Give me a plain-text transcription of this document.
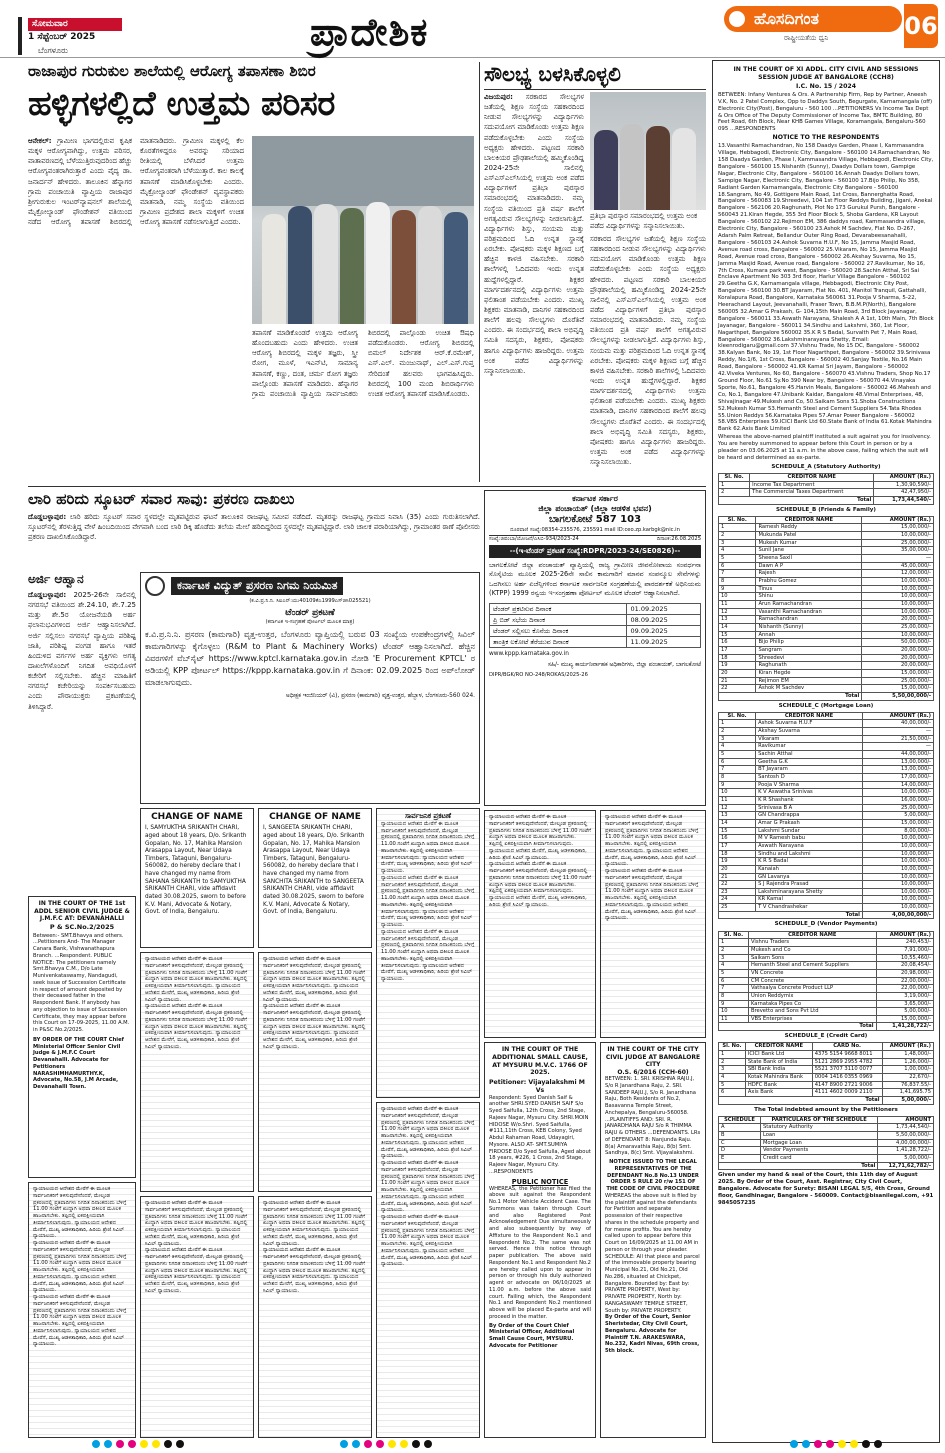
ಸೋಮವಾರ
1 ಸೆಪ್ಟೆಂಬರ್ 2025
ಬೆಂಗಳೂರು	ಪ್ರಾದೇಶಿಕ	ಹೊಸದಿಗಂತ
ರಾಷ್ಟ್ರೀಯತೆಯ ಧ್ವನಿ	06
ರಾಜಾಪುರ ಗುರುಕುಲ ಶಾಲೆಯಲ್ಲಿ ಆರೋಗ್ಯ ತಪಾಸಣಾ ಶಿಬಿರ
ಹಳ್ಳಿಗಳಲ್ಲಿದೆ ಉತ್ತಮ ಪರಿಸರ
ಆನೇಕಲ್: ಗ್ರಾಮೀಣ ಭಾಗದಲ್ಲಿರುವ ಕೃಷಿಕ ಮಕ್ಕಳ ಆರೋಗ್ಯವಾಗಿದ್ದು, ಉತ್ತಮ ಪರಿಸರ, ವಾತಾವರಣದಲ್ಲಿ ಬೆಳೆಯುತ್ತಿರುವುದರಿಂದ ಹೆಚ್ಚು ಆರೋಗ್ಯವಂತರಾಗಿರುತ್ತಾರೆ ಎಂದು ವೈದ್ಯ ಡಾ. ಜನಾರ್ದನ್ ಹೇಳಿದರು. ತಾಲೂಕಿನ ಹೆನ್ನಾಗರ ಗ್ರಾಮ ಪಂಚಾಯಿತಿ ವ್ಯಾಪ್ತಿಯ ರಾಜಾಪುರ ಶ್ರೀಗುರುಕುಲ ಇಂಟರ್‌ನ್ಯಾಷನಲ್ ಶಾಲೆಯಲ್ಲಿ ಮೈಕ್ರೋಲ್ಯಾಂಡ್ ಫೌಂಡೇಶನ್ ವತಿಯಿಂದ ನಡೆದ ಆರೋಗ್ಯ ತಪಾಸಣೆ ಶಿಬಿರದಲ್ಲಿ ಮಾತನಾಡಿದರು. ಗ್ರಾಮೀಣ ಮಕ್ಕಳಲ್ಲಿ ಕೆಲ ಕೊರತೆಗಳಿದ್ದರೂ ಅವರನ್ನು ಸರಿಯಾದ ರೀತಿಯಲ್ಲಿ ಬೆಳೆಸಿದರೆ ಉತ್ತಮ ಆರೋಗ್ಯವಂತರಾಗಿ ಬೆಳೆಯುತ್ತಾರೆ. ಕಾಲ ಕಾಲಕ್ಕೆ ತಪಾಸಣೆ ಮಾಡಿಸಿಕೊಳ್ಳಬೇಕು ಎಂದರು. ಮೈಕ್ರೋಲ್ಯಾಂಡ್ ಫೌಂಡೇಶನ್ ವ್ಯವಸ್ಥಾಪಕರು ಮಾತನಾಡಿ, ನಮ್ಮ ಸಂಸ್ಥೆಯ ವತಿಯಿಂದ ಗ್ರಾಮೀಣ ಪ್ರದೇಶದ ಶಾಲಾ ಮಕ್ಕಳಿಗೆ ಉಚಿತ ಆರೋಗ್ಯ ತಪಾಸಣೆ ನಡೆಸಲಾಗುತ್ತಿದೆ ಎಂದರು.
ತಪಾಸಣೆ ಮಾಡಿಕೊಂಡರೆ ಉತ್ತಮ ಆರೋಗ್ಯ ಹೊಂದಬಹುದು ಎಂದು ಹೇಳಿದರು. ಉಚಿತ ಆರೋಗ್ಯ ಶಿಬಿರದಲ್ಲಿ ಮಕ್ಕಳ ತಜ್ಞರು, ಸ್ತ್ರೀ ರೋಗ, ಮೂಳೆ, ಇಎನ್‌ಟಿ, ಸಾಮಾನ್ಯ ತಪಾಸಣೆ, ಕಣ್ಣು, ದಂತ, ಚರ್ಮ ರೋಗ ತಜ್ಞರು ಪಾಲ್ಗೊಂಡು ತಪಾಸಣೆ ಮಾಡಿದರು. ಹೆನ್ನಾಗರ ಗ್ರಾಮ ಪಂಚಾಯಿತಿ ವ್ಯಾಪ್ತಿಯ ಸಾರ್ವಜನಿಕರು ಶಿಬಿರದಲ್ಲಿ ಪಾಲ್ಗೊಂಡು ಉಚಿತ ಔಷಧಿ ಪಡೆದುಕೊಂಡರು. ಆರೋಗ್ಯ ಶಿಬಿರದಲ್ಲಿ ಬಿಮಲ್ ನಿರ್ದೇಶಕ ಆರ್.ಕೆ.ರಮೇಶ್, ಎಸ್.ಎಲ್. ಮಂಜುನಾಥ್, ಎಲ್.ಎಸ್.ಗುಪ್ತ ಸೇರಿದಂತೆ ಹಲವರು ಭಾಗವಹಿಸಿದ್ದರು. ಶಿಬಿರದಲ್ಲಿ 100 ಮಂದಿ ಶಿಬಿರಾರ್ಥಿಗಳು ಉಚಿತ ಆರೋಗ್ಯ ತಪಾಸಣೆ ಮಾಡಿಸಿಕೊಂಡರು.
ಸೌಲಭ್ಯ ಬಳಸಿಕೊಳ್ಳಲಿ
ವಿಜಯಪುರ: ಸರಕಾರದ ಸೌಲಭ್ಯಗಳ ಜತೆಯಲ್ಲಿ ಶಿಕ್ಷಣ ಸಂಸ್ಥೆಯ ಸಹಕಾರದಿಂದ ನೀಡುವ ಸೌಲಭ್ಯಗಳನ್ನು ವಿದ್ಯಾರ್ಥಿಗಳು ಸದುಪಯೋಗ ಮಾಡಿಕೊಂಡು ಉತ್ತಮ ಶಿಕ್ಷಣ ಪಡೆದುಕೊಳ್ಳಬೇಕು ಎಂದು ಸಂಸ್ಥೆಯ ಅಧ್ಯಕ್ಷರು ಹೇಳಿದರು. ಪಟ್ಟಣದ ಸರಕಾರಿ ಬಾಲಕಿಯರ ಪ್ರೌಢಶಾಲೆಯಲ್ಲಿ ಹಮ್ಮಿಕೊಂಡಿದ್ದ 2024-25ನೇ ಸಾಲಿನಲ್ಲಿ ಎಸ್ಎಸ್ಎಲ್‌ಸಿಯಲ್ಲಿ ಉತ್ತಮ ಅಂಕ ಪಡೆದ ವಿದ್ಯಾರ್ಥಿಗಳಿಗೆ ಪ್ರತಿಭಾ ಪುರಸ್ಕಾರ ಸಮಾರಂಭದಲ್ಲಿ ಮಾತನಾಡಿದರು. ನಮ್ಮ ಸಂಸ್ಥೆಯ ವತಿಯಿಂದ ಪ್ರತಿ ವರ್ಷ ಶಾಲೆಗೆ ಅಗತ್ಯವಿರುವ ಸೌಲಭ್ಯಗಳನ್ನು ನೀಡಲಾಗುತ್ತಿದೆ. ವಿದ್ಯಾರ್ಥಿಗಳು ಶಿಸ್ತು, ಸಂಯಮ ಮತ್ತು ಪರಿಶ್ರಮದಿಂದ ಓದಿ ಉನ್ನತ ಸ್ಥಾನಕ್ಕೆ ಏರಬೇಕು. ಪೋಷಕರು ಮಕ್ಕಳ ಶಿಕ್ಷಣದ ಬಗ್ಗೆ ಹೆಚ್ಚಿನ ಕಾಳಜಿ ವಹಿಸಬೇಕು. ಸರಕಾರಿ ಶಾಲೆಗಳಲ್ಲಿ ಓದಿದವರು ಇಂದು ಉನ್ನತ ಹುದ್ದೆಗಳಲ್ಲಿದ್ದಾರೆ. ಶಿಕ್ಷಕರ ಮಾರ್ಗದರ್ಶನದಲ್ಲಿ ವಿದ್ಯಾರ್ಥಿಗಳು ಉತ್ತಮ ಫಲಿತಾಂಶ ಪಡೆಯಬೇಕು ಎಂದರು. ಮುಖ್ಯ ಶಿಕ್ಷಕರು ಮಾತನಾಡಿ, ದಾನಿಗಳ ಸಹಕಾರದಿಂದ ಶಾಲೆಗೆ ಹಲವು ಸೌಲಭ್ಯಗಳು ದೊರೆತಿವೆ ಎಂದರು. ಈ ಸಂದರ್ಭದಲ್ಲಿ ಶಾಲಾ ಅಭಿವೃದ್ಧಿ ಸಮಿತಿ ಸದಸ್ಯರು, ಶಿಕ್ಷಕರು, ಪೋಷಕರು ಹಾಗೂ ವಿದ್ಯಾರ್ಥಿಗಳು ಹಾಜರಿದ್ದರು. ಉತ್ತಮ ಅಂಕ ಪಡೆದ ವಿದ್ಯಾರ್ಥಿಗಳನ್ನು ಸನ್ಮಾನಿಸಲಾಯಿತು.
ಪ್ರತಿಭಾ ಪುರಸ್ಕಾರ ಸಮಾರಂಭದಲ್ಲಿ ಉತ್ತಮ ಅಂಕ ಪಡೆದ ವಿದ್ಯಾರ್ಥಿಗಳನ್ನು ಸನ್ಮಾನಿಸಲಾಯಿತು.
ಸರಕಾರದ ಸೌಲಭ್ಯಗಳ ಜತೆಯಲ್ಲಿ ಶಿಕ್ಷಣ ಸಂಸ್ಥೆಯ ಸಹಕಾರದಿಂದ ನೀಡುವ ಸೌಲಭ್ಯಗಳನ್ನು ವಿದ್ಯಾರ್ಥಿಗಳು ಸದುಪಯೋಗ ಮಾಡಿಕೊಂಡು ಉತ್ತಮ ಶಿಕ್ಷಣ ಪಡೆದುಕೊಳ್ಳಬೇಕು ಎಂದು ಸಂಸ್ಥೆಯ ಅಧ್ಯಕ್ಷರು ಹೇಳಿದರು. ಪಟ್ಟಣದ ಸರಕಾರಿ ಬಾಲಕಿಯರ ಪ್ರೌಢಶಾಲೆಯಲ್ಲಿ ಹಮ್ಮಿಕೊಂಡಿದ್ದ 2024-25ನೇ ಸಾಲಿನಲ್ಲಿ ಎಸ್ಎಸ್ಎಲ್‌ಸಿಯಲ್ಲಿ ಉತ್ತಮ ಅಂಕ ಪಡೆದ ವಿದ್ಯಾರ್ಥಿಗಳಿಗೆ ಪ್ರತಿಭಾ ಪುರಸ್ಕಾರ ಸಮಾರಂಭದಲ್ಲಿ ಮಾತನಾಡಿದರು. ನಮ್ಮ ಸಂಸ್ಥೆಯ ವತಿಯಿಂದ ಪ್ರತಿ ವರ್ಷ ಶಾಲೆಗೆ ಅಗತ್ಯವಿರುವ ಸೌಲಭ್ಯಗಳನ್ನು ನೀಡಲಾಗುತ್ತಿದೆ. ವಿದ್ಯಾರ್ಥಿಗಳು ಶಿಸ್ತು, ಸಂಯಮ ಮತ್ತು ಪರಿಶ್ರಮದಿಂದ ಓದಿ ಉನ್ನತ ಸ್ಥಾನಕ್ಕೆ ಏರಬೇಕು. ಪೋಷಕರು ಮಕ್ಕಳ ಶಿಕ್ಷಣದ ಬಗ್ಗೆ ಹೆಚ್ಚಿನ ಕಾಳಜಿ ವಹಿಸಬೇಕು. ಸರಕಾರಿ ಶಾಲೆಗಳಲ್ಲಿ ಓದಿದವರು ಇಂದು ಉನ್ನತ ಹುದ್ದೆಗಳಲ್ಲಿದ್ದಾರೆ. ಶಿಕ್ಷಕರ ಮಾರ್ಗದರ್ಶನದಲ್ಲಿ ವಿದ್ಯಾರ್ಥಿಗಳು ಉತ್ತಮ ಫಲಿತಾಂಶ ಪಡೆಯಬೇಕು ಎಂದರು. ಮುಖ್ಯ ಶಿಕ್ಷಕರು ಮಾತನಾಡಿ, ದಾನಿಗಳ ಸಹಕಾರದಿಂದ ಶಾಲೆಗೆ ಹಲವು ಸೌಲಭ್ಯಗಳು ದೊರೆತಿವೆ ಎಂದರು. ಈ ಸಂದರ್ಭದಲ್ಲಿ ಶಾಲಾ ಅಭಿವೃದ್ಧಿ ಸಮಿತಿ ಸದಸ್ಯರು, ಶಿಕ್ಷಕರು, ಪೋಷಕರು ಹಾಗೂ ವಿದ್ಯಾರ್ಥಿಗಳು ಹಾಜರಿದ್ದರು. ಉತ್ತಮ ಅಂಕ ಪಡೆದ ವಿದ್ಯಾರ್ಥಿಗಳನ್ನು ಸನ್ಮಾನಿಸಲಾಯಿತು.
ಲಾರಿ ಹರಿದು ಸ್ಕೂಟರ್ ಸವಾರ ಸಾವು: ಪ್ರಕರಣ ದಾಖಲು
ದೊಡ್ಡಬಳ್ಳಾಪುರ: ಲಾರಿ ಹರಿದು ಸ್ಕೂಟರ್ ಸವಾರ ಸ್ಥಳದಲ್ಲೇ ಮೃತಪಟ್ಟಿರುವ ಘಟನೆ ತಾಲೂಕಿನ ರಾಜಘಟ್ಟ ಸಮೀಪ ನಡೆದಿದೆ. ಮೃತರನ್ನು ರಾಜಘಟ್ಟ ಗ್ರಾಮದ ನಿವಾಸಿ (35) ಎಂದು ಗುರುತಿಸಲಾಗಿದೆ. ಸ್ಕೂಟರ್‌ನಲ್ಲಿ ತೆರಳುತ್ತಿದ್ದ ವೇಳೆ ಹಿಂಬದಿಯಿಂದ ವೇಗವಾಗಿ ಬಂದ ಲಾರಿ ಡಿಕ್ಕಿ ಹೊಡೆದು ತಲೆಯ ಮೇಲೆ ಹರಿದಿದ್ದರಿಂದ ಸ್ಥಳದಲ್ಲೇ ಮೃತಪಟ್ಟಿದ್ದಾರೆ. ಲಾರಿ ಚಾಲಕ ಪರಾರಿಯಾಗಿದ್ದು, ಗ್ರಾಮಾಂತರ ಠಾಣೆ ಪೊಲೀಸರು ಪ್ರಕರಣ ದಾಖಲಿಸಿಕೊಂಡಿದ್ದಾರೆ.
ಅರ್ಜಿ ಆಹ್ವಾನ
ದೊಡ್ಡಬಳ್ಳಾಪುರ: 2025-26ನೇ ಸಾಲಿನಲ್ಲಿ ನಗರಸಭೆ ವತಿಯಿಂದ ಶೇ.24.10, ಶೇ.7.25 ಮತ್ತು ಶೇ.5ರ ಯೋಜನೆಯಡಿ ಅರ್ಹ ಫಲಾನುಭವಿಗಳಿಂದ ಅರ್ಜಿ ಆಹ್ವಾನಿಸಲಾಗಿದೆ. ಅರ್ಜಿ ಸಲ್ಲಿಸಲು ನಗರಸಭೆ ವ್ಯಾಪ್ತಿಯ ಪರಿಶಿಷ್ಟ ಜಾತಿ, ಪರಿಶಿಷ್ಟ ಪಂಗಡ ಹಾಗೂ ಇತರೆ ಹಿಂದುಳಿದ ವರ್ಗಗಳ ಅರ್ಹ ವ್ಯಕ್ತಿಗಳು ಅಗತ್ಯ ದಾಖಲೆಗಳೊಂದಿಗೆ ನಿಗದಿತ ಅವಧಿಯೊಳಗೆ ಕಚೇರಿಗೆ ಸಲ್ಲಿಸಬೇಕು. ಹೆಚ್ಚಿನ ಮಾಹಿತಿಗೆ ನಗರಸಭೆ ಕಚೇರಿಯನ್ನು ಸಂಪರ್ಕಿಸಬಹುದು ಎಂದು ಪೌರಾಯುಕ್ತರು ಪ್ರಕಟಣೆಯಲ್ಲಿ ತಿಳಿಸಿದ್ದಾರೆ.
ಕರ್ನಾಟಕ ವಿದ್ಯುತ್ ಪ್ರಸರಣ ನಿಗಮ ನಿಯಮಿತ
(ಕ.ವಿ.ಪ್ರ.ನಿ.ನಿ. ಸಿಐಎನ್:ಯು40109ಕೆಎ1999ಎಸ್‌ಜಿಸಿ025521)
ಟೆಂಡರ್ ಪ್ರಕಟಣೆ
(ಕರ್ನಾಟಕ ಇ-ಸಂಗ್ರಹಣೆ ಪೋರ್ಟಲ್ ಮೂಲಕ ಮಾತ್ರ)
ಕ.ವಿ.ಪ್ರ.ನಿ.ನಿ. ಪ್ರಸರಣ (ಕಾಮಗಾರಿ) ವೃತ್ತ-ಉತ್ತರ, ಬೆಂಗಳೂರು ವ್ಯಾಪ್ತಿಯಲ್ಲಿ ಬರುವ 03 ಸಂಖ್ಯೆಯ ಉಪಕೇಂದ್ರಗಳಲ್ಲಿ ಸಿವಿಲ್ ಕಾಮಗಾರಿಗಳನ್ನು ಕೈಗೊಳ್ಳಲು (R&M to Plant & Machinery Works) ಟೆಂಡರ್ ಆಹ್ವಾನಿಸಲಾಗಿದೆ. ಹೆಚ್ಚಿನ ವಿವರಗಳಿಗೆ ವೆಬ್‌ಸೈಟ್ https://www.kptcl.karnataka.gov.in ನೋಡಿ 'E Procurement KPTCL' ರ ಅಡಿಯಲ್ಲಿ KPP ಪೋರ್ಟಲ್ https://kppp.karnataka.gov.in ಗೆ ದಿನಾಂಕ: 02.09.2025 ರಿಂದ ಅಪ್‌ಲೋಡ್ ಮಾಡಲಾಗುವುದು.
ಅಧೀಕ್ಷಕ ಇಂಜಿನಿಯರ್ (ವಿ), ಪ್ರಸರಣ (ಕಾಮಗಾರಿ) ವೃತ್ತ-ಉತ್ತರ, ಹೆಬ್ಬಾಳ, ಬೆಂಗಳೂರು-560 024.
ಕರ್ನಾಟಕ ಸರ್ಕಾರ
ಜಿಲ್ಲಾ ಪಂಚಾಯತ್ (ಜಿಲ್ಲಾ ಆಡಳಿತ ಭವನ)
ಬಾಗಲಕೋಟೆ 587 103
ದೂರವಾಣಿ ಸಂಖ್ಯೆ:08354-235576, 235591 mail ID:ceo.zp.karbgk@nic.in
ಸಂಖ್ಯೆ:ಜಿಪಂಬಾ/ಯೋಜನೆ/ಎಸಿಬಿ-934/2023-24	ದಿನಾಂಕ:26.08.2025
--(ಇ-ಟೆಂಡರ್ ಪ್ರಕಟಣೆ ಸಂಖ್ಯೆ:RDPR/2023-24/SE0826)--
ಬಾಗಲಕೋಟೆ ಜಿಲ್ಲಾ ಪಂಚಾಯತ್ ವ್ಯಾಪ್ತಿಯಲ್ಲಿ ರಾಜ್ಯ ಗ್ರಾಮೀಣ ಜೀವನೋಪಾಯ ಸಂವರ್ಧನಾ ಸೊಸೈಟಿಯ ಮೂಲಕ 2025-26ನೇ ಸಾಲಿನ ಕಾಮಗಾರಿಗೆ ಮಾನವ ಸಂಪನ್ಮೂಲ ಸೇವೆಗಳನ್ನು ಒದಗಿಸಲು ಅರ್ಹ ಏಜೆನ್ಸಿಗಳಿಂದ ಕರ್ನಾಟಕ ಸಾರ್ವಜನಿಕ ಸಂಗ್ರಹಣೆಯಲ್ಲಿ ಪಾರದರ್ಶಕತೆ ಅಧಿನಿಯಮ (KTPP) 1999 ರನ್ವಯ ಇ-ಸಂಗ್ರಹಣಾ ಪೋರ್ಟಲ್ ಮೂಲಕ ಟೆಂಡರ್ ಆಹ್ವಾನಿಸಲಾಗಿದೆ.
ಟೆಂಡರ್ ಪ್ರಕಟಿಸುವ ದಿನಾಂಕ	01.09.2025
ಪ್ರಿ ಬಿಡ್ ಸಭೆಯ ದಿನಾಂಕ	08.09.2025
ಟೆಂಡರ್ ಸಲ್ಲಿಸಲು ಕೊನೆಯ ದಿನಾಂಕ	09.09.2025
ತಾಂತ್ರಿಕ ಲಕೋಟೆ ತೆರೆಯುವ ದಿನಾಂಕ	11.09.2025
www.kppp.karnataka.gov.in
ಸಹಿ/- ಮುಖ್ಯ ಕಾರ್ಯನಿರ್ವಾಹಕ ಅಧಿಕಾರಿಗಳು, ಜಿಲ್ಲಾ ಪಂಚಾಯತ್, ಬಾಗಲಕೋಟೆ
DIPR/BGK/RO NO-248/ROKAS/2025-26
IN THE COURT OF THE 1st ADDL SENIOR CIVIL JUDGE & J.M.F.C AT: DEVANAHALLI
P & SC.No.2/2025
Between:- SMT.Bhavya and others. ...Petitioners And- The Manager Canara Bank, Vishwanathapura Branch. ...Respondent. PUBLIC NOTICE: The petitioners namely Smt.Bhavya C.M., D/o Late Munivenkataswamy, Nandagudi, seek issue of Succession Certificate in respect of amount deposited by their deceased father in the Respondent Bank. If anybody has any objection to issue of Succession Certificate, they may appear before this Court on 17-09-2025, 11.00 A.M. in P&SC No.2/2025.
BY ORDER OF THE COURT Chief Ministerial Officer Senior Civil Judge & J.M.F.C Court Devanahalli. Advocate for Petitioners NARASHIMHAMURTHY.K, Advocate, No.58, J.M Arcade, Devanahalli Town.
CHANGE OF NAME
I, SAMYUKTHA SRIKANTH CHARI, aged about 18 years, D/o. Srikanth Gopalan, No. 17, Mahika Mansion Arasappa Layout, Near Udaya Timbers, Tataguni, Bengaluru-560082, do hereby declare that I have changed my name from SAHANA SRIKANTH to SAMYUKTHA SRIKANTH CHARI, vide affidavit dated 30.08.2025, sworn to before K.V. Mani, Advocate & Notary, Govt. of India, Bengaluru.
CHANGE OF NAME
I, SANGEETA SRIKANTH CHARI, aged about 18 years, D/o. Srikanth Gopalan, No. 17, Mahika Mansion Arasappa Layout, Near Udaya Timbers, Tataguni, Bengaluru-560082, do hereby declare that I have changed my name from SANCHITA SRIKANTH to SANGEETA SRIKANTH CHARI, vide affidavit dated 30.08.2025, sworn to before K.V. Mani, Advocate & Notary, Govt. of India, Bengaluru.
ಸಾರ್ವಜನಿಕ ಪ್ರಕಟಣೆ
ನ್ಯಾಯಾಲಯದ ಆದೇಶದ ಮೇರೆಗೆ ಈ ಮೂಲಕ ಸಾರ್ವಜನಿಕರಿಗೆ ತಿಳಿಸುವುದೇನೆಂದರೆ, ಮೇಲ್ಕಂಡ ಪ್ರಕರಣದಲ್ಲಿ ಪ್ರತಿವಾದಿಗಳು ನಿಗದಿತ ದಿನಾಂಕದಂದು ಬೆಳಿಗ್ಗೆ 11.00 ಗಂಟೆಗೆ ಖುದ್ದಾಗಿ ಅಥವಾ ವಕೀಲರ ಮೂಲಕ ಹಾಜರಾಗಬೇಕು. ತಪ್ಪಿದಲ್ಲಿ ಏಕಪಕ್ಷೀಯವಾಗಿ ತೀರ್ಮಾನಿಸಲಾಗುವುದು. ನ್ಯಾಯಾಲಯದ ಆದೇಶದ ಮೇರೆಗೆ, ಮುಖ್ಯ ಆಡಳಿತಾಧಿಕಾರಿ, ಹಿರಿಯ ಶ್ರೇಣಿ ಸಿವಿಲ್ ನ್ಯಾಯಾಲಯ.
ನ್ಯಾಯಾಲಯದ ಆದೇಶದ ಮೇರೆಗೆ ಈ ಮೂಲಕ ಸಾರ್ವಜನಿಕರಿಗೆ ತಿಳಿಸುವುದೇನೆಂದರೆ, ಮೇಲ್ಕಂಡ ಪ್ರಕರಣದಲ್ಲಿ ಪ್ರತಿವಾದಿಗಳು ನಿಗದಿತ ದಿನಾಂಕದಂದು ಬೆಳಿಗ್ಗೆ 11.00 ಗಂಟೆಗೆ ಖುದ್ದಾಗಿ ಅಥವಾ ವಕೀಲರ ಮೂಲಕ ಹಾಜರಾಗಬೇಕು. ತಪ್ಪಿದಲ್ಲಿ ಏಕಪಕ್ಷೀಯವಾಗಿ ತೀರ್ಮಾನಿಸಲಾಗುವುದು. ನ್ಯಾಯಾಲಯದ ಆದೇಶದ ಮೇರೆಗೆ, ಮುಖ್ಯ ಆಡಳಿತಾಧಿಕಾರಿ, ಹಿರಿಯ ಶ್ರೇಣಿ ಸಿವಿಲ್ ನ್ಯಾಯಾಲಯ.
ನ್ಯಾಯಾಲಯದ ಆದೇಶದ ಮೇರೆಗೆ ಈ ಮೂಲಕ ಸಾರ್ವಜನಿಕರಿಗೆ ತಿಳಿಸುವುದೇನೆಂದರೆ, ಮೇಲ್ಕಂಡ ಪ್ರಕರಣದಲ್ಲಿ ಪ್ರತಿವಾದಿಗಳು ನಿಗದಿತ ದಿನಾಂಕದಂದು ಬೆಳಿಗ್ಗೆ 11.00 ಗಂಟೆಗೆ ಖುದ್ದಾಗಿ ಅಥವಾ ವಕೀಲರ ಮೂಲಕ ಹಾಜರಾಗಬೇಕು. ತಪ್ಪಿದಲ್ಲಿ ಏಕಪಕ್ಷೀಯವಾಗಿ ತೀರ್ಮಾನಿಸಲಾಗುವುದು. ನ್ಯಾಯಾಲಯದ ಆದೇಶದ ಮೇರೆಗೆ, ಮುಖ್ಯ ಆಡಳಿತಾಧಿಕಾರಿ, ಹಿರಿಯ ಶ್ರೇಣಿ ಸಿವಿಲ್ ನ್ಯಾಯಾಲಯ.
ನ್ಯಾಯಾಲಯದ ಆದೇಶದ ಮೇರೆಗೆ ಈ ಮೂಲಕ ಸಾರ್ವಜನಿಕರಿಗೆ ತಿಳಿಸುವುದೇನೆಂದರೆ, ಮೇಲ್ಕಂಡ ಪ್ರಕರಣದಲ್ಲಿ ಪ್ರತಿವಾದಿಗಳು ನಿಗದಿತ ದಿನಾಂಕದಂದು ಬೆಳಿಗ್ಗೆ 11.00 ಗಂಟೆಗೆ ಖುದ್ದಾಗಿ ಅಥವಾ ವಕೀಲರ ಮೂಲಕ ಹಾಜರಾಗಬೇಕು. ತಪ್ಪಿದಲ್ಲಿ ಏಕಪಕ್ಷೀಯವಾಗಿ ತೀರ್ಮಾನಿಸಲಾಗುವುದು. ನ್ಯಾಯಾಲಯದ ಆದೇಶದ ಮೇರೆಗೆ, ಮುಖ್ಯ ಆಡಳಿತಾಧಿಕಾರಿ, ಹಿರಿಯ ಶ್ರೇಣಿ ಸಿವಿಲ್ ನ್ಯಾಯಾಲಯ.
ನ್ಯಾಯಾಲಯದ ಆದೇಶದ ಮೇರೆಗೆ ಈ ಮೂಲಕ ಸಾರ್ವಜನಿಕರಿಗೆ ತಿಳಿಸುವುದೇನೆಂದರೆ, ಮೇಲ್ಕಂಡ ಪ್ರಕರಣದಲ್ಲಿ ಪ್ರತಿವಾದಿಗಳು ನಿಗದಿತ ದಿನಾಂಕದಂದು ಬೆಳಿಗ್ಗೆ 11.00 ಗಂಟೆಗೆ ಖುದ್ದಾಗಿ ಅಥವಾ ವಕೀಲರ ಮೂಲಕ ಹಾಜರಾಗಬೇಕು. ತಪ್ಪಿದಲ್ಲಿ ಏಕಪಕ್ಷೀಯವಾಗಿ ತೀರ್ಮಾನಿಸಲಾಗುವುದು. ನ್ಯಾಯಾಲಯದ ಆದೇಶದ ಮೇರೆಗೆ, ಮುಖ್ಯ ಆಡಳಿತಾಧಿಕಾರಿ, ಹಿರಿಯ ಶ್ರೇಣಿ ಸಿವಿಲ್ ನ್ಯಾಯಾಲಯ.
ನ್ಯಾಯಾಲಯದ ಆದೇಶದ ಮೇರೆಗೆ ಈ ಮೂಲಕ ಸಾರ್ವಜನಿಕರಿಗೆ ತಿಳಿಸುವುದೇನೆಂದರೆ, ಮೇಲ್ಕಂಡ ಪ್ರಕರಣದಲ್ಲಿ ಪ್ರತಿವಾದಿಗಳು ನಿಗದಿತ ದಿನಾಂಕದಂದು ಬೆಳಿಗ್ಗೆ 11.00 ಗಂಟೆಗೆ ಖುದ್ದಾಗಿ ಅಥವಾ ವಕೀಲರ ಮೂಲಕ ಹಾಜರಾಗಬೇಕು. ತಪ್ಪಿದಲ್ಲಿ ಏಕಪಕ್ಷೀಯವಾಗಿ ತೀರ್ಮಾನಿಸಲಾಗುವುದು. ನ್ಯಾಯಾಲಯದ ಆದೇಶದ ಮೇರೆಗೆ, ಮುಖ್ಯ ಆಡಳಿತಾಧಿಕಾರಿ, ಹಿರಿಯ ಶ್ರೇಣಿ ಸಿವಿಲ್ ನ್ಯಾಯಾಲಯ.
ನ್ಯಾಯಾಲಯದ ಆದೇಶದ ಮೇರೆಗೆ ಈ ಮೂಲಕ ಸಾರ್ವಜನಿಕರಿಗೆ ತಿಳಿಸುವುದೇನೆಂದರೆ, ಮೇಲ್ಕಂಡ ಪ್ರಕರಣದಲ್ಲಿ ಪ್ರತಿವಾದಿಗಳು ನಿಗದಿತ ದಿನಾಂಕದಂದು ಬೆಳಿಗ್ಗೆ 11.00 ಗಂಟೆಗೆ ಖುದ್ದಾಗಿ ಅಥವಾ ವಕೀಲರ ಮೂಲಕ ಹಾಜರಾಗಬೇಕು. ತಪ್ಪಿದಲ್ಲಿ ಏಕಪಕ್ಷೀಯವಾಗಿ ತೀರ್ಮಾನಿಸಲಾಗುವುದು. ನ್ಯಾಯಾಲಯದ ಆದೇಶದ ಮೇರೆಗೆ, ಮುಖ್ಯ ಆಡಳಿತಾಧಿಕಾರಿ, ಹಿರಿಯ ಶ್ರೇಣಿ ಸಿವಿಲ್ ನ್ಯಾಯಾಲಯ.
ನ್ಯಾಯಾಲಯದ ಆದೇಶದ ಮೇರೆಗೆ ಈ ಮೂಲಕ ಸಾರ್ವಜನಿಕರಿಗೆ ತಿಳಿಸುವುದೇನೆಂದರೆ, ಮೇಲ್ಕಂಡ ಪ್ರಕರಣದಲ್ಲಿ ಪ್ರತಿವಾದಿಗಳು ನಿಗದಿತ ದಿನಾಂಕದಂದು ಬೆಳಿಗ್ಗೆ 11.00 ಗಂಟೆಗೆ ಖುದ್ದಾಗಿ ಅಥವಾ ವಕೀಲರ ಮೂಲಕ ಹಾಜರಾಗಬೇಕು. ತಪ್ಪಿದಲ್ಲಿ ಏಕಪಕ್ಷೀಯವಾಗಿ ತೀರ್ಮಾನಿಸಲಾಗುವುದು. ನ್ಯಾಯಾಲಯದ ಆದೇಶದ ಮೇರೆಗೆ, ಮುಖ್ಯ ಆಡಳಿತಾಧಿಕಾರಿ, ಹಿರಿಯ ಶ್ರೇಣಿ ಸಿವಿಲ್ ನ್ಯಾಯಾಲಯ.
ನ್ಯಾಯಾಲಯದ ಆದೇಶದ ಮೇರೆಗೆ ಈ ಮೂಲಕ ಸಾರ್ವಜನಿಕರಿಗೆ ತಿಳಿಸುವುದೇನೆಂದರೆ, ಮೇಲ್ಕಂಡ ಪ್ರಕರಣದಲ್ಲಿ ಪ್ರತಿವಾದಿಗಳು ನಿಗದಿತ ದಿನಾಂಕದಂದು ಬೆಳಿಗ್ಗೆ 11.00 ಗಂಟೆಗೆ ಖುದ್ದಾಗಿ ಅಥವಾ ವಕೀಲರ ಮೂಲಕ ಹಾಜರಾಗಬೇಕು. ತಪ್ಪಿದಲ್ಲಿ ಏಕಪಕ್ಷೀಯವಾಗಿ ತೀರ್ಮಾನಿಸಲಾಗುವುದು. ನ್ಯಾಯಾಲಯದ ಆದೇಶದ ಮೇರೆಗೆ, ಮುಖ್ಯ ಆಡಳಿತಾಧಿಕಾರಿ, ಹಿರಿಯ ಶ್ರೇಣಿ ಸಿವಿಲ್ ನ್ಯಾಯಾಲಯ.
ನ್ಯಾಯಾಲಯದ ಆದೇಶದ ಮೇರೆಗೆ ಈ ಮೂಲಕ ಸಾರ್ವಜನಿಕರಿಗೆ ತಿಳಿಸುವುದೇನೆಂದರೆ, ಮೇಲ್ಕಂಡ ಪ್ರಕರಣದಲ್ಲಿ ಪ್ರತಿವಾದಿಗಳು ನಿಗದಿತ ದಿನಾಂಕದಂದು ಬೆಳಿಗ್ಗೆ 11.00 ಗಂಟೆಗೆ ಖುದ್ದಾಗಿ ಅಥವಾ ವಕೀಲರ ಮೂಲಕ ಹಾಜರಾಗಬೇಕು. ತಪ್ಪಿದಲ್ಲಿ ಏಕಪಕ್ಷೀಯವಾಗಿ ತೀರ್ಮಾನಿಸಲಾಗುವುದು. ನ್ಯಾಯಾಲಯದ ಆದೇಶದ ಮೇರೆಗೆ, ಮುಖ್ಯ ಆಡಳಿತಾಧಿಕಾರಿ, ಹಿರಿಯ ಶ್ರೇಣಿ ಸಿವಿಲ್ ನ್ಯಾಯಾಲಯ.
ನ್ಯಾಯಾಲಯದ ಆದೇಶದ ಮೇರೆಗೆ ಈ ಮೂಲಕ ಸಾರ್ವಜನಿಕರಿಗೆ ತಿಳಿಸುವುದೇನೆಂದರೆ, ಮೇಲ್ಕಂಡ ಪ್ರಕರಣದಲ್ಲಿ ಪ್ರತಿವಾದಿಗಳು ನಿಗದಿತ ದಿನಾಂಕದಂದು ಬೆಳಿಗ್ಗೆ 11.00 ಗಂಟೆಗೆ ಖುದ್ದಾಗಿ ಅಥವಾ ವಕೀಲರ ಮೂಲಕ ಹಾಜರಾಗಬೇಕು. ತಪ್ಪಿದಲ್ಲಿ ಏಕಪಕ್ಷೀಯವಾಗಿ ತೀರ್ಮಾನಿಸಲಾಗುವುದು. ನ್ಯಾಯಾಲಯದ ಆದೇಶದ ಮೇರೆಗೆ, ಮುಖ್ಯ ಆಡಳಿತಾಧಿಕಾರಿ, ಹಿರಿಯ ಶ್ರೇಣಿ ಸಿವಿಲ್ ನ್ಯಾಯಾಲಯ.
ನ್ಯಾಯಾಲಯದ ಆದೇಶದ ಮೇರೆಗೆ ಈ ಮೂಲಕ ಸಾರ್ವಜನಿಕರಿಗೆ ತಿಳಿಸುವುದೇನೆಂದರೆ, ಮೇಲ್ಕಂಡ ಪ್ರಕರಣದಲ್ಲಿ ಪ್ರತಿವಾದಿಗಳು ನಿಗದಿತ ದಿನಾಂಕದಂದು ಬೆಳಿಗ್ಗೆ 11.00 ಗಂಟೆಗೆ ಖುದ್ದಾಗಿ ಅಥವಾ ವಕೀಲರ ಮೂಲಕ ಹಾಜರಾಗಬೇಕು. ತಪ್ಪಿದಲ್ಲಿ ಏಕಪಕ್ಷೀಯವಾಗಿ ತೀರ್ಮಾನಿಸಲಾಗುವುದು. ನ್ಯಾಯಾಲಯದ ಆದೇಶದ ಮೇರೆಗೆ, ಮುಖ್ಯ ಆಡಳಿತಾಧಿಕಾರಿ, ಹಿರಿಯ ಶ್ರೇಣಿ ಸಿವಿಲ್ ನ್ಯಾಯಾಲಯ.
ನ್ಯಾಯಾಲಯದ ಆದೇಶದ ಮೇರೆಗೆ ಈ ಮೂಲಕ ಸಾರ್ವಜನಿಕರಿಗೆ ತಿಳಿಸುವುದೇನೆಂದರೆ, ಮೇಲ್ಕಂಡ ಪ್ರಕರಣದಲ್ಲಿ ಪ್ರತಿವಾದಿಗಳು ನಿಗದಿತ ದಿನಾಂಕದಂದು ಬೆಳಿಗ್ಗೆ 11.00 ಗಂಟೆಗೆ ಖುದ್ದಾಗಿ ಅಥವಾ ವಕೀಲರ ಮೂಲಕ ಹಾಜರಾಗಬೇಕು. ತಪ್ಪಿದಲ್ಲಿ ಏಕಪಕ್ಷೀಯವಾಗಿ ತೀರ್ಮಾನಿಸಲಾಗುವುದು. ನ್ಯಾಯಾಲಯದ ಆದೇಶದ ಮೇರೆಗೆ, ಮುಖ್ಯ ಆಡಳಿತಾಧಿಕಾರಿ, ಹಿರಿಯ ಶ್ರೇಣಿ ಸಿವಿಲ್ ನ್ಯಾಯಾಲಯ.
ನ್ಯಾಯಾಲಯದ ಆದೇಶದ ಮೇರೆಗೆ ಈ ಮೂಲಕ ಸಾರ್ವಜನಿಕರಿಗೆ ತಿಳಿಸುವುದೇನೆಂದರೆ, ಮೇಲ್ಕಂಡ ಪ್ರಕರಣದಲ್ಲಿ ಪ್ರತಿವಾದಿಗಳು ನಿಗದಿತ ದಿನಾಂಕದಂದು ಬೆಳಿಗ್ಗೆ 11.00 ಗಂಟೆಗೆ ಖುದ್ದಾಗಿ ಅಥವಾ ವಕೀಲರ ಮೂಲಕ ಹಾಜರಾಗಬೇಕು. ತಪ್ಪಿದಲ್ಲಿ ಏಕಪಕ್ಷೀಯವಾಗಿ ತೀರ್ಮಾನಿಸಲಾಗುವುದು. ನ್ಯಾಯಾಲಯದ ಆದೇಶದ ಮೇರೆಗೆ, ಮುಖ್ಯ ಆಡಳಿತಾಧಿಕಾರಿ, ಹಿರಿಯ ಶ್ರೇಣಿ ಸಿವಿಲ್ ನ್ಯಾಯಾಲಯ.
ನ್ಯಾಯಾಲಯದ ಆದೇಶದ ಮೇರೆಗೆ ಈ ಮೂಲಕ ಸಾರ್ವಜನಿಕರಿಗೆ ತಿಳಿಸುವುದೇನೆಂದರೆ, ಮೇಲ್ಕಂಡ ಪ್ರಕರಣದಲ್ಲಿ ಪ್ರತಿವಾದಿಗಳು ನಿಗದಿತ ದಿನಾಂಕದಂದು ಬೆಳಿಗ್ಗೆ 11.00 ಗಂಟೆಗೆ ಖುದ್ದಾಗಿ ಅಥವಾ ವಕೀಲರ ಮೂಲಕ ಹಾಜರಾಗಬೇಕು. ತಪ್ಪಿದಲ್ಲಿ ಏಕಪಕ್ಷೀಯವಾಗಿ ತೀರ್ಮಾನಿಸಲಾಗುವುದು. ನ್ಯಾಯಾಲಯದ ಆದೇಶದ ಮೇರೆಗೆ, ಮುಖ್ಯ ಆಡಳಿತಾಧಿಕಾರಿ, ಹಿರಿಯ ಶ್ರೇಣಿ ಸಿವಿಲ್ ನ್ಯಾಯಾಲಯ.
ನ್ಯಾಯಾಲಯದ ಆದೇಶದ ಮೇರೆಗೆ ಈ ಮೂಲಕ ಸಾರ್ವಜನಿಕರಿಗೆ ತಿಳಿಸುವುದೇನೆಂದರೆ, ಮೇಲ್ಕಂಡ ಪ್ರಕರಣದಲ್ಲಿ ಪ್ರತಿವಾದಿಗಳು ನಿಗದಿತ ದಿನಾಂಕದಂದು ಬೆಳಿಗ್ಗೆ 11.00 ಗಂಟೆಗೆ ಖುದ್ದಾಗಿ ಅಥವಾ ವಕೀಲರ ಮೂಲಕ ಹಾಜರಾಗಬೇಕು. ತಪ್ಪಿದಲ್ಲಿ ಏಕಪಕ್ಷೀಯವಾಗಿ ತೀರ್ಮಾನಿಸಲಾಗುವುದು. ನ್ಯಾಯಾಲಯದ ಆದೇಶದ ಮೇರೆಗೆ, ಮುಖ್ಯ ಆಡಳಿತಾಧಿಕಾರಿ, ಹಿರಿಯ ಶ್ರೇಣಿ ಸಿವಿಲ್ ನ್ಯಾಯಾಲಯ.
ನ್ಯಾಯಾಲಯದ ಆದೇಶದ ಮೇರೆಗೆ ಈ ಮೂಲಕ ಸಾರ್ವಜನಿಕರಿಗೆ ತಿಳಿಸುವುದೇನೆಂದರೆ, ಮೇಲ್ಕಂಡ ಪ್ರಕರಣದಲ್ಲಿ ಪ್ರತಿವಾದಿಗಳು ನಿಗದಿತ ದಿನಾಂಕದಂದು ಬೆಳಿಗ್ಗೆ 11.00 ಗಂಟೆಗೆ ಖುದ್ದಾಗಿ ಅಥವಾ ವಕೀಲರ ಮೂಲಕ ಹಾಜರಾಗಬೇಕು. ತಪ್ಪಿದಲ್ಲಿ ಏಕಪಕ್ಷೀಯವಾಗಿ ತೀರ್ಮಾನಿಸಲಾಗುವುದು. ನ್ಯಾಯಾಲಯದ ಆದೇಶದ ಮೇರೆಗೆ, ಮುಖ್ಯ ಆಡಳಿತಾಧಿಕಾರಿ, ಹಿರಿಯ ಶ್ರೇಣಿ ಸಿವಿಲ್ ನ್ಯಾಯಾಲಯ.
ನ್ಯಾಯಾಲಯದ ಆದೇಶದ ಮೇರೆಗೆ ಈ ಮೂಲಕ ಸಾರ್ವಜನಿಕರಿಗೆ ತಿಳಿಸುವುದೇನೆಂದರೆ, ಮೇಲ್ಕಂಡ ಪ್ರಕರಣದಲ್ಲಿ ಪ್ರತಿವಾದಿಗಳು ನಿಗದಿತ ದಿನಾಂಕದಂದು ಬೆಳಿಗ್ಗೆ 11.00 ಗಂಟೆಗೆ ಖುದ್ದಾಗಿ ಅಥವಾ ವಕೀಲರ ಮೂಲಕ ಹಾಜರಾಗಬೇಕು. ತಪ್ಪಿದಲ್ಲಿ ಏಕಪಕ್ಷೀಯವಾಗಿ ತೀರ್ಮಾನಿಸಲಾಗುವುದು. ನ್ಯಾಯಾಲಯದ ಆದೇಶದ ಮೇರೆಗೆ, ಮುಖ್ಯ ಆಡಳಿತಾಧಿಕಾರಿ, ಹಿರಿಯ ಶ್ರೇಣಿ ಸಿವಿಲ್ ನ್ಯಾಯಾಲಯ.
ನ್ಯಾಯಾಲಯದ ಆದೇಶದ ಮೇರೆಗೆ ಈ ಮೂಲಕ ಸಾರ್ವಜನಿಕರಿಗೆ ತಿಳಿಸುವುದೇನೆಂದರೆ, ಮೇಲ್ಕಂಡ ಪ್ರಕರಣದಲ್ಲಿ ಪ್ರತಿವಾದಿಗಳು ನಿಗದಿತ ದಿನಾಂಕದಂದು ಬೆಳಿಗ್ಗೆ 11.00 ಗಂಟೆಗೆ ಖುದ್ದಾಗಿ ಅಥವಾ ವಕೀಲರ ಮೂಲಕ ಹಾಜರಾಗಬೇಕು. ತಪ್ಪಿದಲ್ಲಿ ಏಕಪಕ್ಷೀಯವಾಗಿ ತೀರ್ಮಾನಿಸಲಾಗುವುದು. ನ್ಯಾಯಾಲಯದ ಆದೇಶದ ಮೇರೆಗೆ, ಮುಖ್ಯ ಆಡಳಿತಾಧಿಕಾರಿ, ಹಿರಿಯ ಶ್ರೇಣಿ ಸಿವಿಲ್ ನ್ಯಾಯಾಲಯ.
ನ್ಯಾಯಾಲಯದ ಆದೇಶದ ಮೇರೆಗೆ ಈ ಮೂಲಕ ಸಾರ್ವಜನಿಕರಿಗೆ ತಿಳಿಸುವುದೇನೆಂದರೆ, ಮೇಲ್ಕಂಡ ಪ್ರಕರಣದಲ್ಲಿ ಪ್ರತಿವಾದಿಗಳು ನಿಗದಿತ ದಿನಾಂಕದಂದು ಬೆಳಿಗ್ಗೆ 11.00 ಗಂಟೆಗೆ ಖುದ್ದಾಗಿ ಅಥವಾ ವಕೀಲರ ಮೂಲಕ ಹಾಜರಾಗಬೇಕು. ತಪ್ಪಿದಲ್ಲಿ ಏಕಪಕ್ಷೀಯವಾಗಿ ತೀರ್ಮಾನಿಸಲಾಗುವುದು. ನ್ಯಾಯಾಲಯದ ಆದೇಶದ ಮೇರೆಗೆ, ಮುಖ್ಯ ಆಡಳಿತಾಧಿಕಾರಿ, ಹಿರಿಯ ಶ್ರೇಣಿ ಸಿವಿಲ್ ನ್ಯಾಯಾಲಯ.
ನ್ಯಾಯಾಲಯದ ಆದೇಶದ ಮೇರೆಗೆ ಈ ಮೂಲಕ ಸಾರ್ವಜನಿಕರಿಗೆ ತಿಳಿಸುವುದೇನೆಂದರೆ, ಮೇಲ್ಕಂಡ ಪ್ರಕರಣದಲ್ಲಿ ಪ್ರತಿವಾದಿಗಳು ನಿಗದಿತ ದಿನಾಂಕದಂದು ಬೆಳಿಗ್ಗೆ 11.00 ಗಂಟೆಗೆ ಖುದ್ದಾಗಿ ಅಥವಾ ವಕೀಲರ ಮೂಲಕ ಹಾಜರಾಗಬೇಕು. ತಪ್ಪಿದಲ್ಲಿ ಏಕಪಕ್ಷೀಯವಾಗಿ ತೀರ್ಮಾನಿಸಲಾಗುವುದು. ನ್ಯಾಯಾಲಯದ ಆದೇಶದ ಮೇರೆಗೆ, ಮುಖ್ಯ ಆಡಳಿತಾಧಿಕಾರಿ, ಹಿರಿಯ ಶ್ರೇಣಿ ಸಿವಿಲ್ ನ್ಯಾಯಾಲಯ.
IN THE COURT OF THE ADDITIONAL SMALL CAUSE, AT MYSURU M.V.C. 1766 OF 2025.
Petitioner: Vijayalakshmi M
Vs
Respondent: Syed Danish Saif & another SHRI.SYED DANISH SAIF S/o Syed Saifulla, 12th Cross, 2nd Stage, Rajeev Nagar, Mysuru City. SHRI.MOIN HIDOSE W/o.Shri. Syed Saifulla, #111,11th Cross, KEB Colony, Syed Abdul Rahaman Road, Udayagiri, Mysore. ALSO AT- SMT.SUMIYA FIRDOSE D/o Syed Saifulla, Aged about 18 years, #226, 1 Cross, 2nd Stage, Rajeev Nagar, Mysuru City. ...RESPONDENTS
PUBLIC NOTICE
WHEREAS, the Petitioner has filed the above suit against the Respondent No.1 Motor Vehicle Accident Case. The Summons was taken through Court and also Registered Post Acknowledgement Due simultaneously and also subsequently by way of Affixture to the Respondent No.1 and Respondent No.2. The same was not served. Hence this notice through paper publication. The above said Respondent No.1 and Respondent No.2 are hereby called upon to appear in person or through his duly authorized agent or advocate on 06/10/2025 at 11.00 a.m. before the above said court. Failing which, the Respondent No.1 and Respondent No.2 mentioned above will be placed Ex-parte and will proceed in the matter.
By Order of the Court Chief Ministerial Officer, Additional Small Cause Court, MYSURU. Advocate for Petitioner
IN THE COURT OF THE CITY CIVIL JUDGE AT BANGALORE CITY
O.S. 6/2016 (CCH-60)
BETWEEN: 1. SRI. KRISHNA RAJU.J, S/o R Janardhana Raju, 2. SRI. SANDEEP RAJU.J, S/o R. Janardhana Raju, Both Residents of No.2, Basavanna Temple Street, Anchepalya, Bengaluru-560058. ...PLAINTIFFS AND: SRI. R. JANARDHANA RAJU S/o R THIMMA RAJU & OTHERS ...DEFENDANTS. LRs of DEFENDANT 8: Nanjunda Raju. 8(a) Amaravathia Raju, 8(b) Smt. Sandhya, 8(c) Smt. Vijayalakshmi.
NOTICE ISSUED TO THE LEGAL REPRESENTATIVES OF THE DEFENDANT No.8 No.13 UNDER ORDER 5 RULE 20 r/w 151 OF THE CODE OF CIVIL PROCEDURE
WHEREAS the above suit is filed by the plaintiff against the defendants for Partition and separate possession of their respective shares in the schedule property and for mesne profits. You are hereby called upon to appear before this Court on 16/09/2025 at 11.00 AM in person or through your pleader.
SCHEDULE: All that piece and parcel of the immovable property bearing Municipal No.21, Old No.21, Old No.286, situated at Chickpet, Bangalore. Bounded by: East by: PRIVATE PROPERTY, West by: PRIVATE PROPERTY, North by: RANGASWAMY TEMPLE STREET, South by: PRIVATE PROPERTY.
By Order of the Court, Senior Sheristedar, City Civil Court, Bengaluru. Advocate for Plaintiff T.N. ARAKESWARA, No.232, Kadri Nivas, 69th cross, 5th block.
IN THE COURT OF XI ADDL. CITY CIVIL AND SESSIONS SESSION JUDGE AT BANGALORE (CCH8)
I.C. No. 15 / 2024

BETWEEN: Infany Ventures & Ors. A Partnership Firm, Rep by Partner, Aneesh V.K, No. 2 Patel Complex, Opp to Daddys South, Begurgate, Karnamangala (off) Electronic City(Post), Bengaluru - 560 100 ...PETITIONERS Vs Income Tax Dept & Ors Office of The Deputy Commissioner of Income Tax, BMTC Building, 80 Feet Road, 6th Block, Near KHB Games Village, Koramangala, Bengaluru-560 095 ...RESPONDENTS

NOTICE TO THE RESPONDENTS

13.Vasanthi Ramachandran, No 158 Daadys Garden, Phase I, Kammasandra Village, Hebbagodi, Electronic City, Bangalore - 560100 14.Ramachandran, No 158 Daadys Garden, Phase I, Kammasandra Village, Hebbagodi, Electronic City, Bangalore - 560100 15.Nishanth (Sunny), Daadys Dollars town, Gampige Nagar, Electronic City, Bangalore - 560100 16.Annah Daadys Dollars town, Sampige Nagar, Electronic City, Bangalore - 560100 17.Bijo Philip, No 358, Radiant Garden Karnamangala, Electronic City Bangalore - 560100 18.Sangram, No 49, Gottigere Main Road, 1st Cross, Bannerghatta Road, Bangalore - 560083 19.Shreedevi, 104 1st Floor Reddys Building, Jigani, Anekal Bangalore - 562106 20.Raghunath, Plot No 173 Gurukul Pursh, Bangalore - 560043 21.Kiran Hegde, 355 3rd Floor Block 5, Shoba Gardens, KR Layout Bangalore - 560102 22.Rejimon EM, 386 daddys road, Kammasandra village, Electronic City, Bangalore - 560100 23.Ashok M Sachdev, Flat No. D-267, Adarsh Palm Retreat, Bellandur Outer Ring Road, Devarabeesanahalli, Bangalore - 560103 24.Ashok Suvarna H.U.F, No 15, Jamma Masjid Road, Avenue road cross, Bangalore - 560002 25.Vikaram, No 15, Jamma Masjid Road, Avenue road cross, Bangalore - 560002 26.Akshay Suvarna, No 15, Jamma Masjid Road, Avenue road, Bangalore - 560002 27.Ravikumar, No 16, 7th Cross, Kumara park west, Bangalore - 560020 28.Sachin Atthal, Sri Sai Enclave Apartment No 303 3rd floor, Harlur Village Bangalore - 560102 29.Geetha G.K, Karnamangala village, Hebbagodi, Electronic City Post, Bangalore - 560100 30.BT Jayaram, Flat No. 401, Manitol Tranquil, Gattahalli, Koralapura Road, Bangalore, Karnataka 560061 31.Pooja V Sharma, 5-22, Heerachand Layout, Jeevanahalli, Fraser Town, B.B.M.P(North), Bangalore 560005 32.Amar G Prakash, G- 104,15th Main Road, 3rd Block Jayanagar, Bangalore - 560011 33.Aswath Narayana, Shalesh A A 1st, 10th Main, 7th Block Jayanagar, Bangalore - 560011 34.Sindhu and Lakshmi, 360, 1st Floor, Nagarthpet, Bangalore 560002 35.K R S Badal, Survalth Pet 7, Main Road, Bangalore - 560002 36.Lakshminarayana Shetty, Email: kleenrodigaru@gmail.com 37.Vishnu Trade, No 15 DC, Bangalore - 560002 38.Kalyan Bank, No 19, 1st Floor Nagarthpet, Bangalore - 560002 39.Srinivasa Reddy, No.1/6, 1st Cross, Bangalore - 560002 40.Sanjay Textile, No.16 Main Road, Bangalore - 560002 41.KR Kamal Sri Jayam, Bangalore - 560002 42.Viveka Ventures, No 60, Bangalore - 560070 43.Vishnu Traders, Shop No.17 Ground Floor, No.61 Sy.No 390 Near by, Bangalore - 560070 44.Vinayaka Sporte, No.61, Bangalore 45.Harvin Meals, Bangalore - 560002 46.Mahesh and Co, No.1, Bangalore 47.Unibank Kaidar, Bangalore 48.Vimal Enterprises, 48, Shivajinagar 49.Mukesh and Co, 50.Saikam Sons 51.Shoba Constructions 52.Mukesh Kumar 53.Hemanth Steel and Cement Suppliers 54.Tata Rhodes 55.Union Reddys 56.Karnataka Pipes 57.Amar Power Bangalore - 560002 58.VBS Enterprises 59.ICICI Bank Ltd 60.State Bank of India 61.Kotak Mahindra Bank 62.Axis Bank Limited

Whereas the above-named plaintiff instituted a suit against you for insolvency. You are hereby summoned to appear before this Court in person or by a pleader on 03.06.2025 at 11 a.m. in the above case, failing which the suit will be heard and determined as ex-parte.

SCHEDULE_A (Statutory Authority)
Sl. No.	CREDITOR NAME	AMOUNT (Rs.)
1	Income Tax Department	1,30,90,590/-
2	The Commercial Taxes Department	42,47,950/-
Total		1,73,44,540/-
SCHEDULE_B (Friends & Family)
Sl. No.	CREDITOR NAME	AMOUNT (Rs.)
1	Ramesh Reddy	15,00,000/-
2	Mukunda Patel	10,00,000/-
3	Mukesh Kumar	25,00,000/-
4	Sunil Jane	35,00,000/-
5	Sheena Saxil	—
6	Dawn A P	45,00,000/-
7	Rajesh	12,00,000/-
8	Prabhu Gomez	10,00,000/-
9	Tinus	10,00,000/-
10	Shinu	10,00,000/-
11	Arun Ramachandran	10,00,000/-
12	Vasanthi Ramachandran	10,00,000/-
13	Ramachandran	20,00,000/-
14	Nishanth (Sunny)	25,00,000/-
15	Annah	10,00,000/-
16	Bijo Philip	50,00,000/-
17	Sangram	20,00,000/-
18	Shreedevi	20,00,000/-
19	Raghunath	20,00,000/-
20	Kiran Hegde	15,00,000/-
21	Rejimon EM	25,00,000/-
22	Ashok M Sachdev	15,00,000/-
Total		5,50,00,000/-
SCHEDULE_C (Mortgage Loan)
Sl. No.	CREDITOR NAME	AMOUNT (Rs.)
1	Ashok Suvarna H.U.F	40,00,000/-
2	Akshay Suvarna	—
3	Vikaram	21,50,000/-
4	Ravikumar	—
5	Sachin Atthal	44,00,000/-
6	Geetha G.K	13,00,000/-
7	BT Jayaram	13,00,000/-
8	Santosh D	17,00,000/-
9	Pooja V Sharma	14,00,000/-
10	K V Aswatha Srinivas	10,00,000/-
11	K R Shashank	16,00,000/-
12	Srinivasa B A	25,00,000/-
13	GN Chandrappa	5,00,000/-
14	Amar G Prakash	15,00,000/-
15	Lakshmi Sundar	8,00,000/-
16	M V Ramesh babu	10,00,000/-
17	Aswath Narayana	10,00,000/-
18	Sindhu and Lakshmi	10,00,000/-
19	K R S Badal	10,00,000/-
20	Kanaiah	10,00,000/-
21	GN Lavanya	10,00,000/-
22	S J Rajendra Prasad	10,00,000/-
23	Lakshminarayana Shetty	10,00,000/-
24	KR Kamal	10,00,000/-
25	T V Chandrashekar	10,00,000/-
Total		4,00,00,000/-
SCHEDULE_D (Vendor Payments)
Sl. No.	CREDITOR NAME	AMOUNT (Rs.)
1	Vishnu Traders	240,453/-
2	Mukesh and Co	7,91,000/-
3	Saikam Sons	10,55,460/-
4	Hemanth Steel and Cement Suppliers	20,08,454/-
5	VN Concrete	20,98,000/-
6	CM Concrete	22,00,000/-
7	Vathsalya Concrete Product LLP	22,00,000/-
8	Union Reddymix	3,19,000/-
9	Karnataka Pipes Co	3,65,000/-
10	Brevetto and Sons Pvt Ltd	5,00,000/-
11	VBS Enterprises	15,00,000/-
Total		1,41,28,722/-
SCHEDULE_E (Credit Card)
Sl. No.	CREDITOR NAME	CARD No.	AMOUNT (Rs.)
1	ICICI Bank Ltd	4375 5154 9668 8011	1,48,000/-
2	State Bank of India	5121 2869 2955 4782	1,26,000/-
3	SBI Bank India	5521 3707 3110 0077	1,00,000/-
4	Kotak Mahindra Bank	0004 1416 0355 0969	22,670/-
5	HDFC Bank	4147 8900 2721 9006	76,837.55/-
6	Axis Bank	4111 4602 0009 2110	1,41,695.75
Total			5,00,000/-
The Total indebted amount by the Petitioners
SCHEDULE	PARTICULARS OF THE SCHEDULE	AMOUNT
A	Statutory Authority	1,73,44,540/-
B	Loan	5,50,00,000/-
C	Mortgage Loan	4,00,00,000/-
D	Vendor Payments	1,41,28,722/-
E	Credit card	5,00,000/-
Total		12,71,62,782/-

Given under my hand & seal of the Court, this 11th day of August 2025. By Order of the Court, Asst. Registrar, City Civil Court, Bangalore. Advocate for Surety: BISANI LEGAL 5/5, 4th Cross, Ground floor, Gandhinagar, Bangalore - 560009. Contact@bisanilegal.com, +91 9845057235
